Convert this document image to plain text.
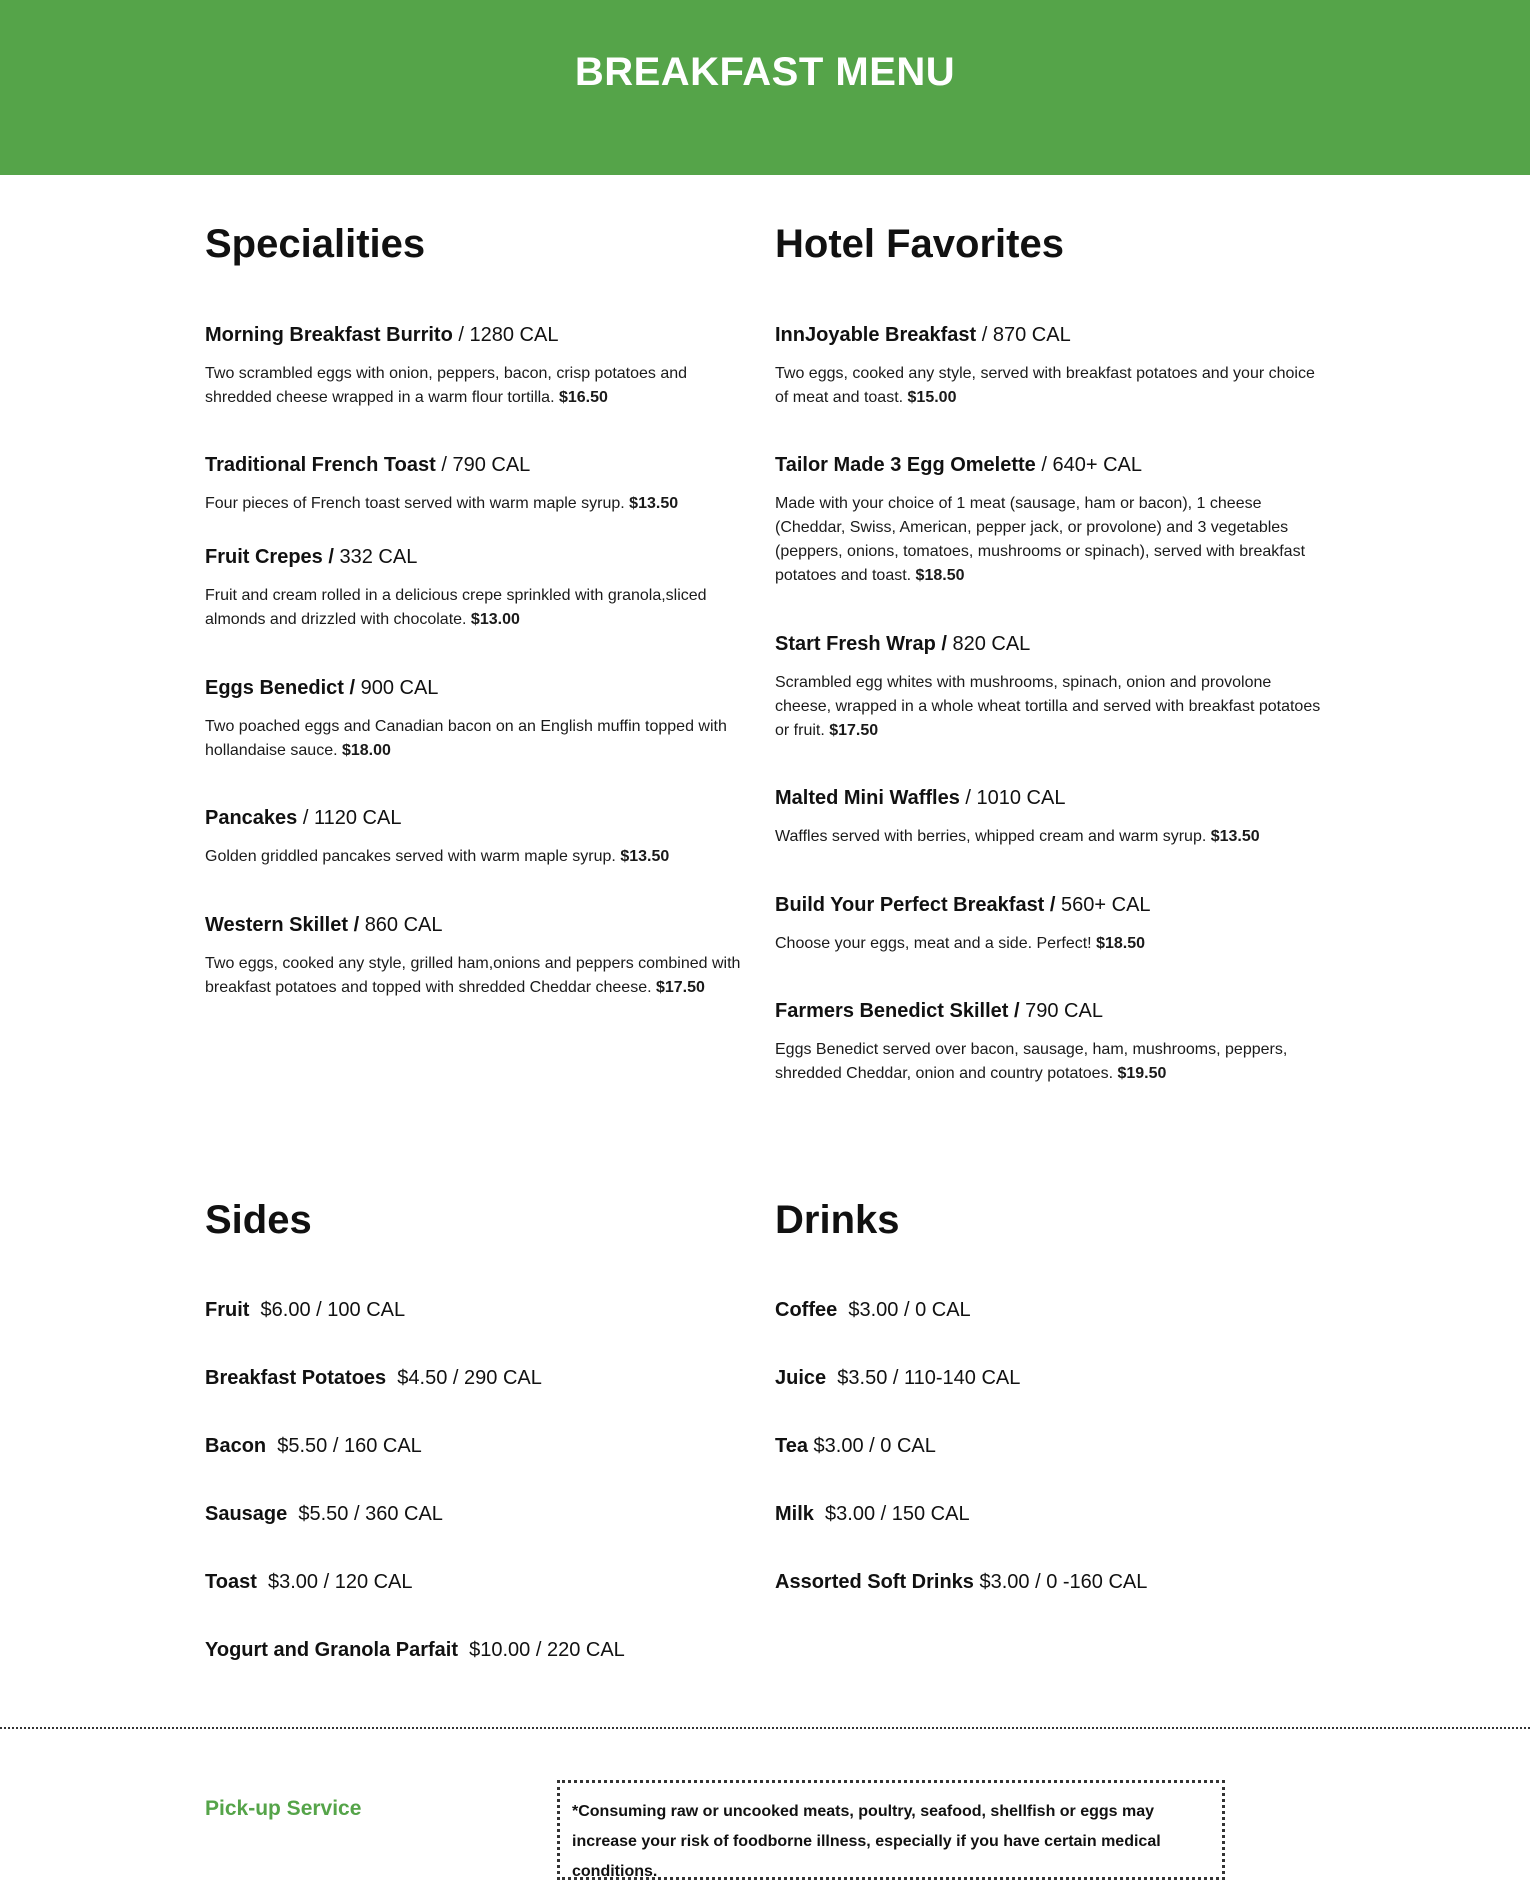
BREAKFAST MENU
Specialities
Morning Breakfast Burrito / 1280 CAL
Two scrambled eggs with onion, peppers, bacon, crisp potatoes and shredded cheese wrapped in a warm flour tortilla. $16.50
Traditional French Toast / 790 CAL
Four pieces of French toast served with warm maple syrup. $13.50
Fruit Crepes / 332 CAL
Fruit and cream rolled in a delicious crepe sprinkled with granola,sliced almonds and drizzled with chocolate. $13.00
Eggs Benedict / 900 CAL
Two poached eggs and Canadian bacon on an English muffin topped with hollandaise sauce. $18.00
Pancakes / 1120 CAL
Golden griddled pancakes served with warm maple syrup. $13.50
Western Skillet / 860 CAL
Two eggs, cooked any style, grilled ham,onions and peppers combined with breakfast potatoes and topped with shredded Cheddar cheese. $17.50
Hotel Favorites
InnJoyable Breakfast / 870 CAL
Two eggs, cooked any style, served with breakfast potatoes and your choice of meat and toast. $15.00
Tailor Made 3 Egg Omelette / 640+ CAL
Made with your choice of 1 meat (sausage, ham or bacon), 1 cheese (Cheddar, Swiss, American, pepper jack, or provolone) and 3 vegetables (peppers, onions, tomatoes, mushrooms or spinach), served with breakfast potatoes and toast. $18.50
Start Fresh Wrap / 820 CAL
Scrambled egg whites with mushrooms, spinach, onion and provolone cheese, wrapped in a whole wheat tortilla and served with breakfast potatoes or fruit. $17.50
Malted Mini Waffles / 1010 CAL
Waffles served with berries, whipped cream and warm syrup. $13.50
Build Your Perfect Breakfast / 560+ CAL
Choose your eggs, meat and a side. Perfect! $18.50
Farmers Benedict Skillet / 790 CAL
Eggs Benedict served over bacon, sausage, ham, mushrooms, peppers, shredded Cheddar, onion and country potatoes. $19.50
Sides
Fruit  $6.00 / 100 CAL
Breakfast Potatoes  $4.50 / 290 CAL
Bacon  $5.50 / 160 CAL
Sausage  $5.50 / 360 CAL
Toast  $3.00 / 120 CAL
Yogurt and Granola Parfait  $10.00 / 220 CAL
Drinks
Coffee  $3.00 / 0 CAL
Juice  $3.50 / 110-140 CAL
Tea $3.00 / 0 CAL
Milk  $3.00 / 150 CAL
Assorted Soft Drinks $3.00 / 0 -160 CAL
Pick-up Service	*Consuming raw or uncooked meats, poultry, seafood, shellfish or eggs may increase your risk of foodborne illness, especially if you have certain medical conditions.
